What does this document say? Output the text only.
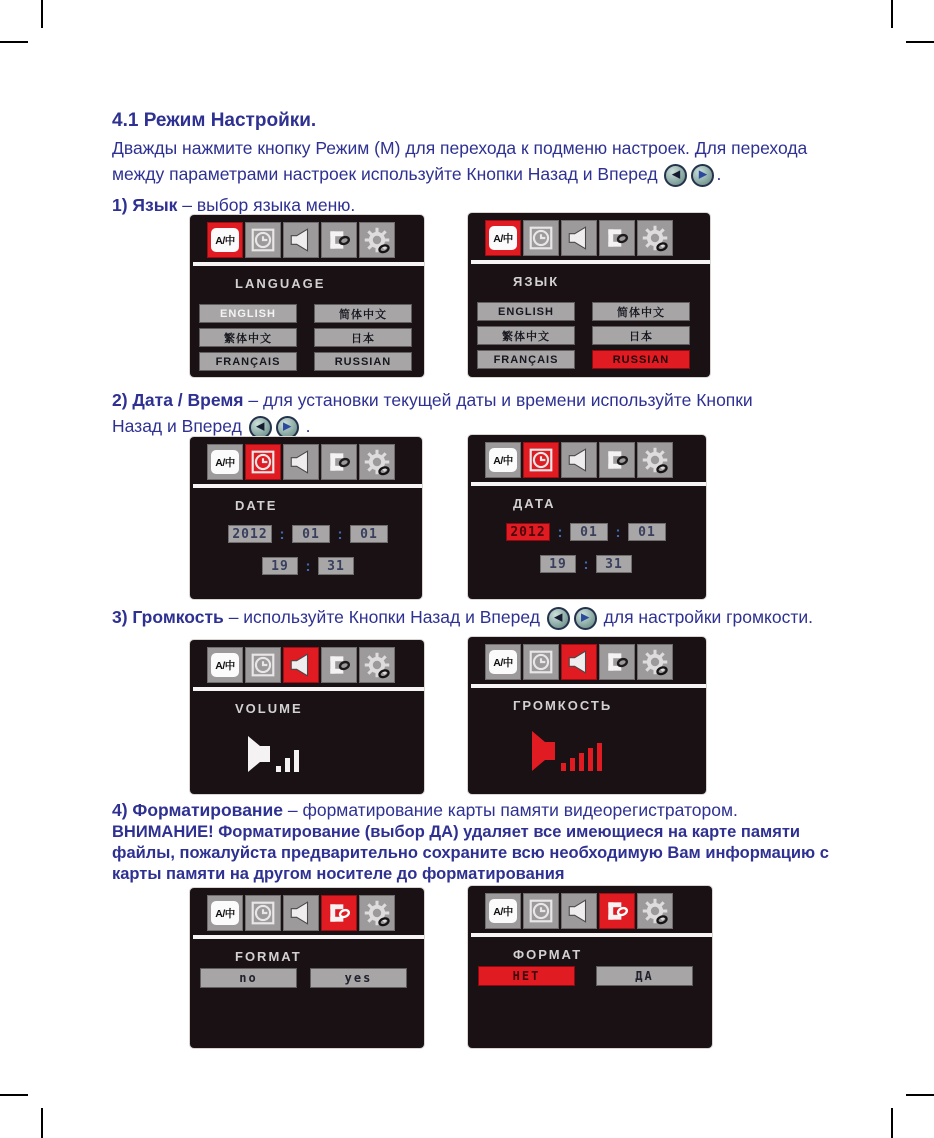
4.1 Режим Настройки.
Дважды нажмите кнопку Режим (М) для перехода к подменю настроек. Для перехода
между параметрами настроек используйте Кнопки Назад и Вперед ◀ ▶ .
1) Язык – выбор языка меню.
2) Дата / Время – для установки текущей даты и времени используйте Кнопки
Назад и Вперед ◀ ▶ .
3) Громкость – используйте Кнопки Назад и Вперед ◀ ▶ для настройки громкости.
4) Форматирование – форматирование карты памяти видеорегистратором.
ВНИМАНИЕ! Форматирование (выбор ДА) удаляет все имеющиеся на карте памяти
файлы, пожалуйста предварительно сохраните всю необходимую Вам информацию с
карты памяти на другом носителе до форматирования
A/中
LANGUAGE
ENGLISH	简体中文
繁体中文	日本
FRANÇAIS	RUSSIAN
A/中
ЯЗЫК
ENGLISH	简体中文
繁体中文	日本
FRANÇAIS	RUSSIAN
A/中
DATE
2012 :	01	:	01
19	:	31
A/中
ДАТА
2012 :	01	:	01
19	:	31
A/中
VOLUME
A/中
ГРОМКОСТЬ
A/中
FORMAT
no	yes
A/中
ФОРМАТ
НЕТ	ДА
